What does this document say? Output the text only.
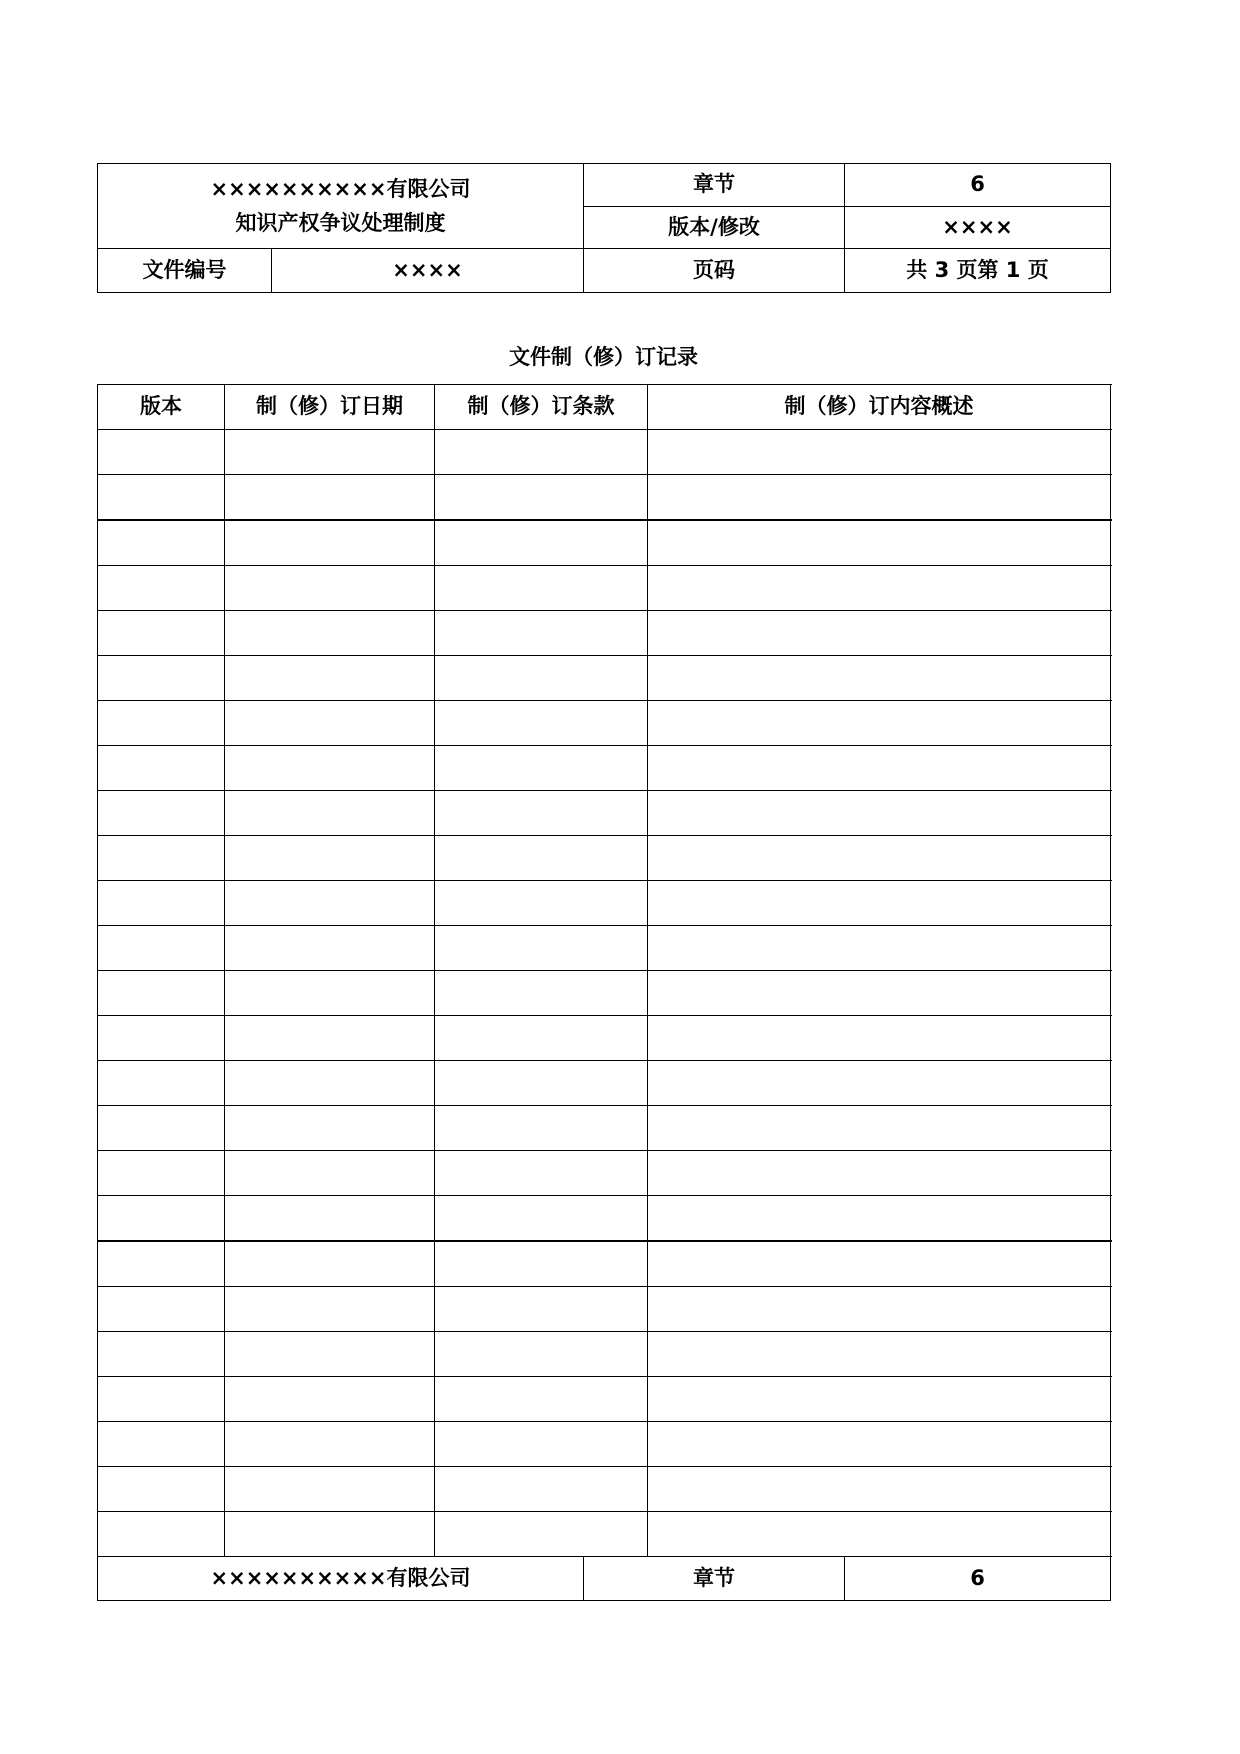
××××××××××有限公司
知识产权争议处理制度		章节	6
		版本/修改	××××
文件编号	××××	页码	共 3 页第 1 页
文件制（修）订记录
版本	制（修）订日期	制（修）订条款	制（修）订内容概述

××××××××××有限公司	章节	6
